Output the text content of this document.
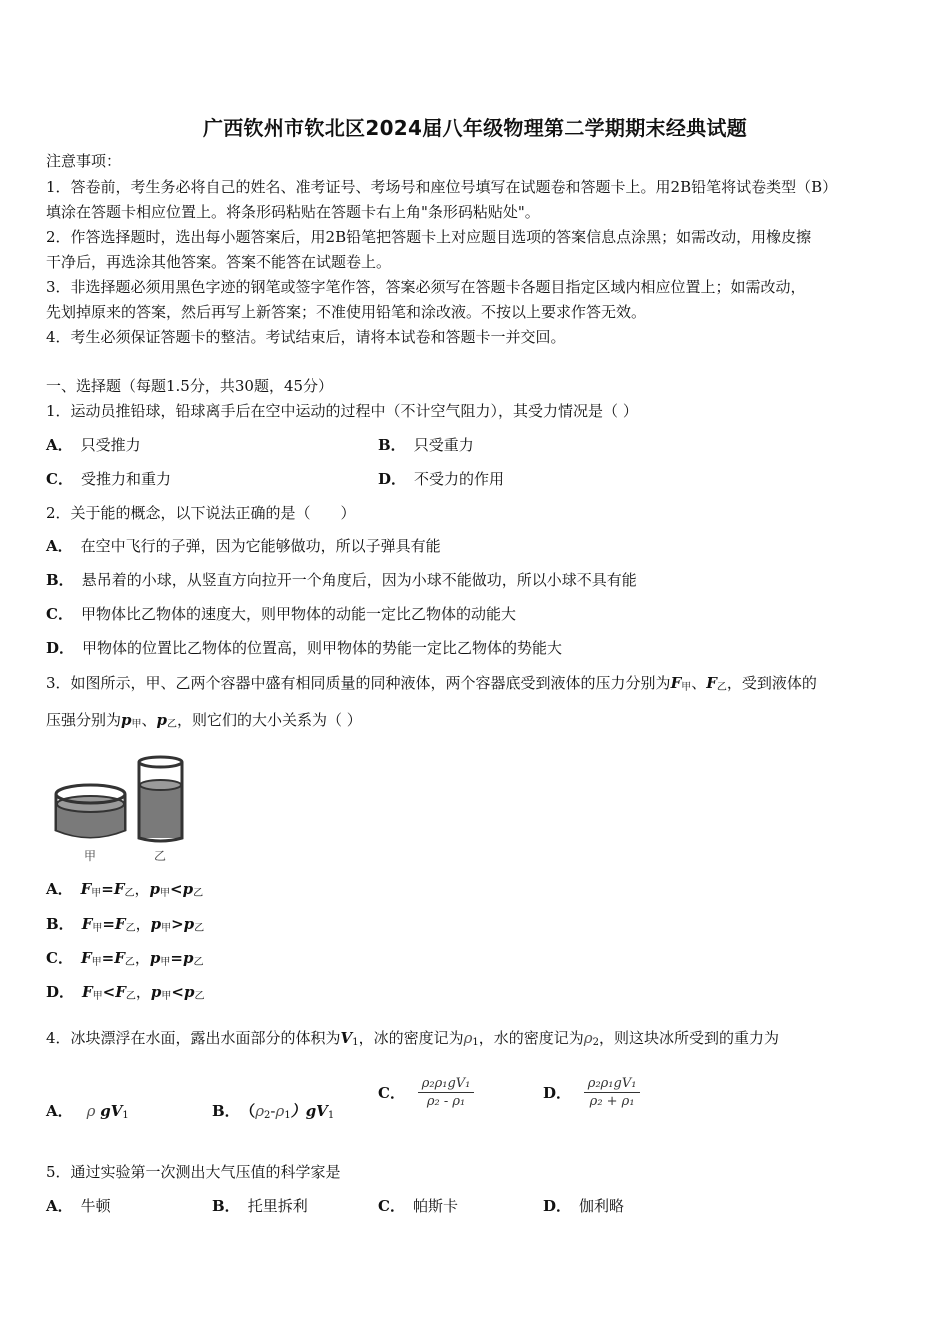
广西钦州市钦北区2024届八年级物理第二学期期末经典试题
注意事项：
1．答卷前，考生务必将自己的姓名、准考证号、考场号和座位号填写在试题卷和答题卡上。用2B铅笔将试卷类型（B）
填涂在答题卡相应位置上。将条形码粘贴在答题卡右上角"条形码粘贴处"。
2．作答选择题时，选出每小题答案后，用2B铅笔把答题卡上对应题目选项的答案信息点涂黑；如需改动，用橡皮擦
干净后，再选涂其他答案。答案不能答在试题卷上。
3．非选择题必须用黑色字迹的钢笔或签字笔作答，答案必须写在答题卡各题目指定区域内相应位置上；如需改动，
先划掉原来的答案，然后再写上新答案；不准使用铅笔和涂改液。不按以上要求作答无效。
4．考生必须保证答题卡的整洁。考试结束后，请将本试卷和答题卡一并交回。
一、选择题（每题1.5分，共30题，45分）
1．运动员推铅球，铅球离手后在空中运动的过程中（不计空气阻力），其受力情况是（ ）
A． 只受推力	B． 只受重力
C． 受推力和重力	D． 不受力的作用
2．关于能的概念，以下说法正确的是（　　）
A． 在空中飞行的子弹，因为它能够做功，所以子弹具有能
B． 悬吊着的小球，从竖直方向拉开一个角度后，因为小球不能做功，所以小球不具有能
C． 甲物体比乙物体的速度大，则甲物体的动能一定比乙物体的动能大
D． 甲物体的位置比乙物体的位置高，则甲物体的势能一定比乙物体的势能大
3．如图所示，甲、乙两个容器中盛有相同质量的同种液体，两个容器底受到液体的压力分别为$F_甲$、$F_乙$，受到液体的
压强分别为$p_甲$、$p_乙$，则它们的大小关系为（ ）
甲	乙
A． $F_甲=F_乙$，$p_甲<p_乙$
B． $F_甲=F_乙$，$p_甲>p_乙$
C． $F_甲=F_乙$，$p_甲=p_乙$
D． $F_甲<F_乙$，$p_甲<p_乙$
4．冰块漂浮在水面，露出水面部分的体积为$V_1$，冰的密度记为$\rho_1$，水的密度记为$\rho_2$，则这块冰所受到的重力为
A． ρ $gV_1$	B． $(\rho_2-\rho_1)gV_1$
C． $\frac{\text{ρ₂ρ₁gV₁}}{\text{ρ₂ - ρ₁}}$	D． $\frac{\text{ρ₂ρ₁gV₁}}{\text{ρ₂ + ρ₁}}$
5．通过实验第一次测出大气压值的科学家是
A． 牛顿	B． 托里拆利	C． 帕斯卡	D． 伽利略
